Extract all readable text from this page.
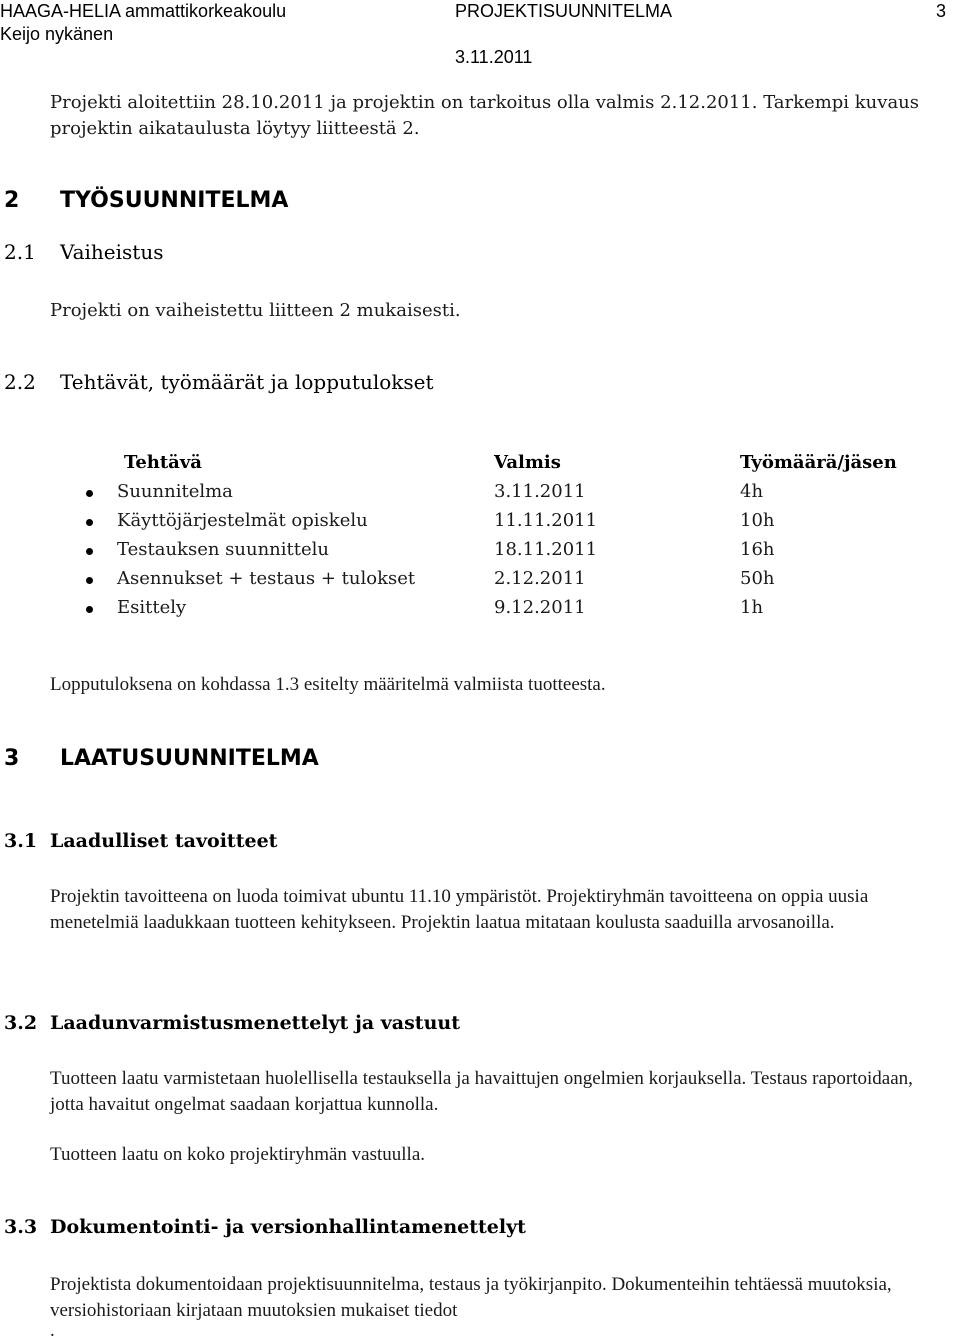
HAAGA-HELIA ammattikorkeakoulu
Keijo nykänen
PROJEKTISUUNNITELMA	3
3.11.2011
Projekti aloitettiin 28.10.2011 ja projektin on tarkoitus olla valmis 2.12.2011. Tarkempi kuvaus projektin aikataulusta löytyy liitteestä 2.
2 TYÖSUUNNITELMA
2.1 Vaiheistus
Projekti on vaiheistettu liitteen 2 mukaisesti.
2.2 Tehtävät, työmäärät ja lopputulokset
Tehtävä	Valmis	Työmäärä/jäsen
Suunnitelma	3.11.2011	4h
Käyttöjärjestelmät opiskelu	11.11.2011	10h
Testauksen suunnittelu	18.11.2011	16h
Asennukset + testaus + tulokset	2.12.2011	50h
Esittely	9.12.2011	1h
Lopputuloksena on kohdassa 1.3 esitelty määritelmä valmiista tuotteesta.
3 LAATUSUUNNITELMA
3.1 Laadulliset tavoitteet
Projektin tavoitteena on luoda toimivat ubuntu 11.10 ympäristöt. Projektiryhmän tavoitteena on oppia uusia menetelmiä laadukkaan tuotteen kehitykseen. Projektin laatua mitataan koulusta saaduilla arvosanoilla.
3.2 Laadunvarmistusmenettelyt ja vastuut
Tuotteen laatu varmistetaan huolellisella testauksella ja havaittujen ongelmien korjauksella. Testaus raportoidaan, jotta havaitut ongelmat saadaan korjattua kunnolla.
Tuotteen laatu on koko projektiryhmän vastuulla.
3.3 Dokumentointi- ja versionhallintamenettelyt
Projektista dokumentoidaan projektisuunnitelma, testaus ja työkirjanpito. Dokumenteihin tehtäessä muutoksia, versiohistoriaan kirjataan muutoksien mukaiset tiedot
.
